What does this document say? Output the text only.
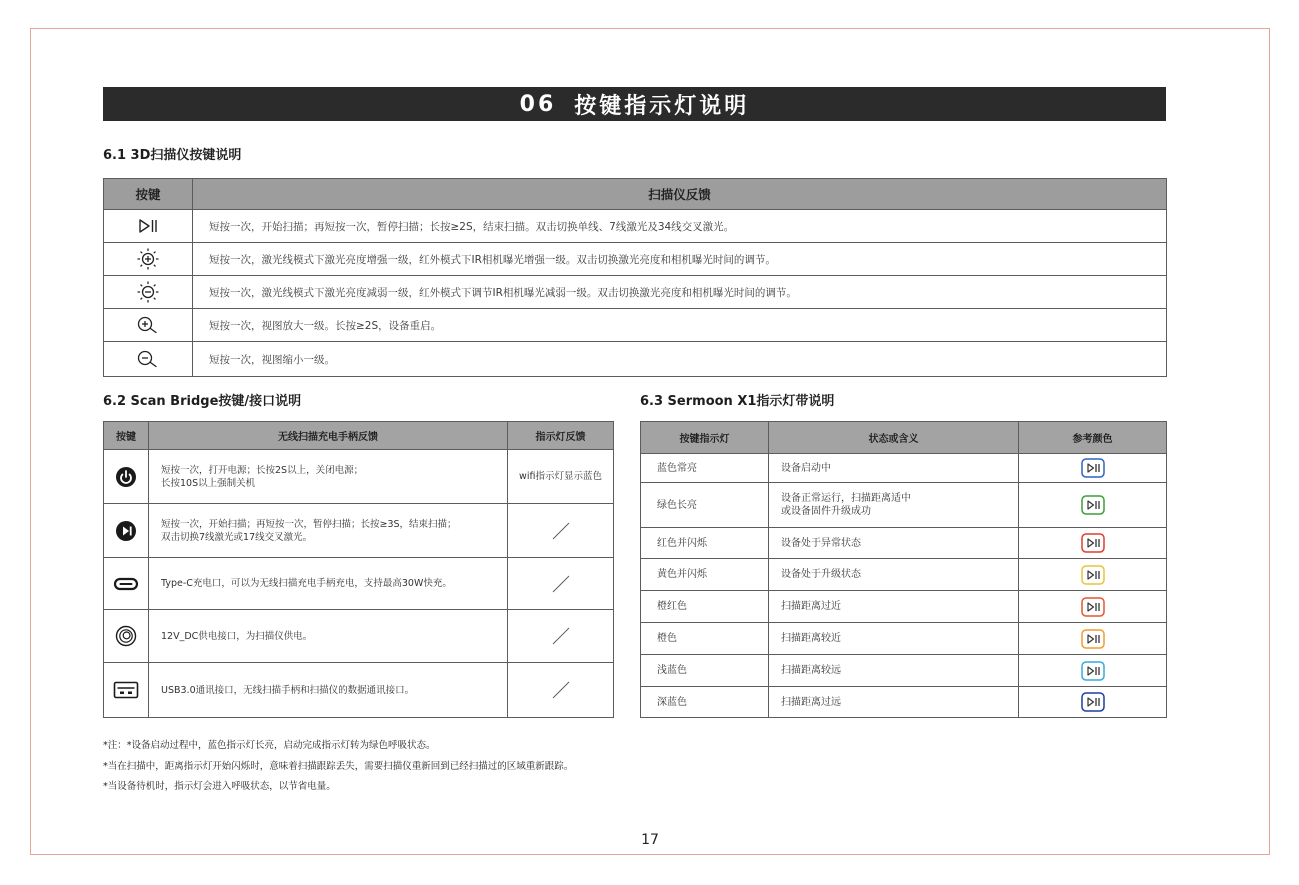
06 按键指示灯说明
6.1 3D扫描仪按键说明
按键	扫描仪反馈

	短按一次，开始扫描；再短按一次，暂停扫描；长按≥2S，结束扫描。双击切换单线、7线激光及34线交叉激光。

	短按一次，激光线模式下激光亮度增强一级，红外模式下IR相机曝光增强一级。双击切换激光亮度和相机曝光时间的调节。

	短按一次，激光线模式下激光亮度减弱一级，红外模式下调节IR相机曝光减弱一级。双击切换激光亮度和相机曝光时间的调节。

	短按一次，视图放大一级。长按≥2S，设备重启。

	短按一次，视图缩小一级。
6.2 Scan Bridge按键/接口说明
按键	无线扫描充电手柄反馈	指示灯反馈

短按一次，打开电源；长按2S以上，关闭电源；
长按10S以上强制关机	wifi指示灯显示蓝色

短按一次，开始扫描；再短按一次，暂停扫描；长按≥3S，结束扫描；
双击切换7线激光或17线交叉激光。

	Type-C充电口，可以为无线扫描充电手柄充电，支持最高30W快充。	

	12V_DC供电接口，为扫描仪供电。	

	USB3.0通讯接口，无线扫描手柄和扫描仪的数据通讯接口。	
6.3 Sermoon X1指示灯带说明
按键指示灯	状态或含义	参考颜色
蓝色常亮	设备启动中	

绿色长亮	设备正常运行，扫描距离适中
或设备固件升级成功

红色并闪烁	设备处于异常状态	

黄色并闪烁	设备处于升级状态	

橙红色	扫描距离过近	

橙色	扫描距离较近	

浅蓝色	扫描距离较远	

深蓝色	扫描距离过远	
*注：*设备启动过程中，蓝色指示灯长亮，启动完成指示灯转为绿色呼吸状态。
*当在扫描中，距离指示灯开始闪烁时，意味着扫描跟踪丢失，需要扫描仪重新回到已经扫描过的区域重新跟踪。
*当设备待机时，指示灯会进入呼吸状态，以节省电量。
17
